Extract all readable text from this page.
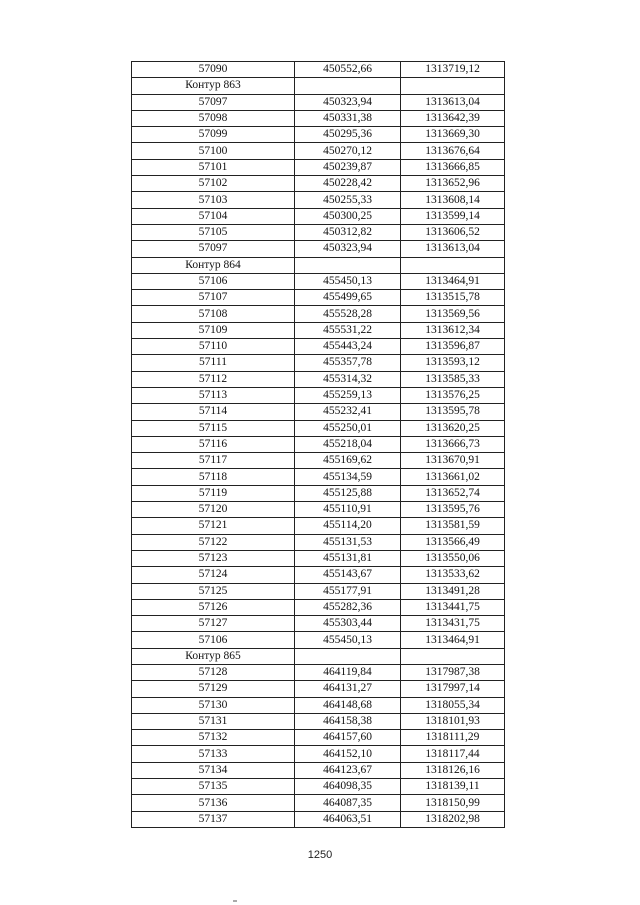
57090	450552,66	1313719,12
Контур 863		
57097	450323,94	1313613,04
57098	450331,38	1313642,39
57099	450295,36	1313669,30
57100	450270,12	1313676,64
57101	450239,87	1313666,85
57102	450228,42	1313652,96
57103	450255,33	1313608,14
57104	450300,25	1313599,14
57105	450312,82	1313606,52
57097	450323,94	1313613,04
Контур 864		
57106	455450,13	1313464,91
57107	455499,65	1313515,78
57108	455528,28	1313569,56
57109	455531,22	1313612,34
57110	455443,24	1313596,87
57111	455357,78	1313593,12
57112	455314,32	1313585,33
57113	455259,13	1313576,25
57114	455232,41	1313595,78
57115	455250,01	1313620,25
57116	455218,04	1313666,73
57117	455169,62	1313670,91
57118	455134,59	1313661,02
57119	455125,88	1313652,74
57120	455110,91	1313595,76
57121	455114,20	1313581,59
57122	455131,53	1313566,49
57123	455131,81	1313550,06
57124	455143,67	1313533,62
57125	455177,91	1313491,28
57126	455282,36	1313441,75
57127	455303,44	1313431,75
57106	455450,13	1313464,91
Контур 865		
57128	464119,84	1317987,38
57129	464131,27	1317997,14
57130	464148,68	1318055,34
57131	464158,38	1318101,93
57132	464157,60	1318111,29
57133	464152,10	1318117,44
57134	464123,67	1318126,16
57135	464098,35	1318139,11
57136	464087,35	1318150,99
57137	464063,51	1318202,98
1250
